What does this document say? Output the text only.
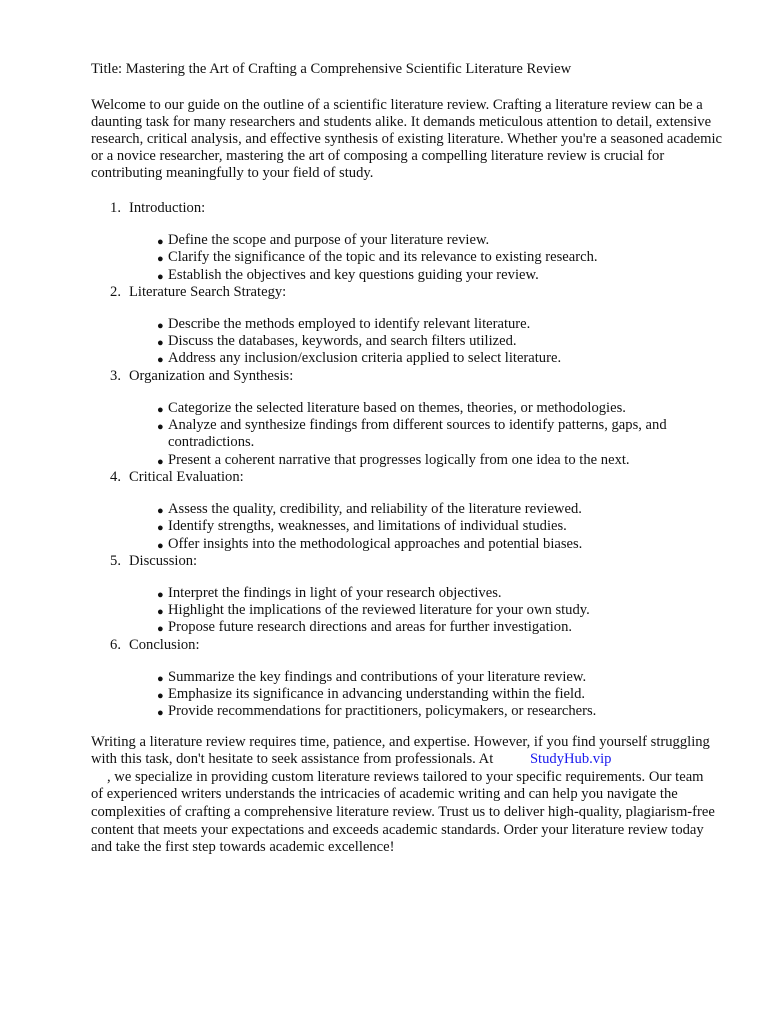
Title: Mastering the Art of Crafting a Comprehensive Scientific Literature Review

Welcome to our guide on the outline of a scientific literature review. Crafting a literature review can be a daunting task for many researchers and students alike. It demands meticulous attention to detail, extensive research, critical analysis, and effective synthesis of existing literature. Whether you're a seasoned academic or a novice researcher, mastering the art of composing a compelling literature review is crucial for contributing meaningfully to your field of study.

1. Introduction:
● Define the scope and purpose of your literature review.
● Clarify the significance of the topic and its relevance to existing research.
● Establish the objectives and key questions guiding your review.
2. Literature Search Strategy:
● Describe the methods employed to identify relevant literature.
● Discuss the databases, keywords, and search filters utilized.
● Address any inclusion/exclusion criteria applied to select literature.
3. Organization and Synthesis:
● Categorize the selected literature based on themes, theories, or methodologies.
● Analyze and synthesize findings from different sources to identify patterns, gaps, and contradictions.
● Present a coherent narrative that progresses logically from one idea to the next.
4. Critical Evaluation:
● Assess the quality, credibility, and reliability of the literature reviewed.
● Identify strengths, weaknesses, and limitations of individual studies.
● Offer insights into the methodological approaches and potential biases.
5. Discussion:
● Interpret the findings in light of your research objectives.
● Highlight the implications of the reviewed literature for your own study.
● Propose future research directions and areas for further investigation.
6. Conclusion:
● Summarize the key findings and contributions of your literature review.
● Emphasize its significance in advancing understanding within the field.
● Provide recommendations for practitioners, policymakers, or researchers.

Writing a literature review requires time, patience, and expertise. However, if you find yourself struggling with this task, don't hesitate to seek assistance from professionals. At	StudyHub.vip
, we specialize in providing custom literature reviews tailored to your specific requirements. Our team of experienced writers understands the intricacies of academic writing and can help you navigate the complexities of crafting a comprehensive literature review. Trust us to deliver high-quality, plagiarism-free content that meets your expectations and exceeds academic standards. Order your literature review today and take the first step towards academic excellence!
